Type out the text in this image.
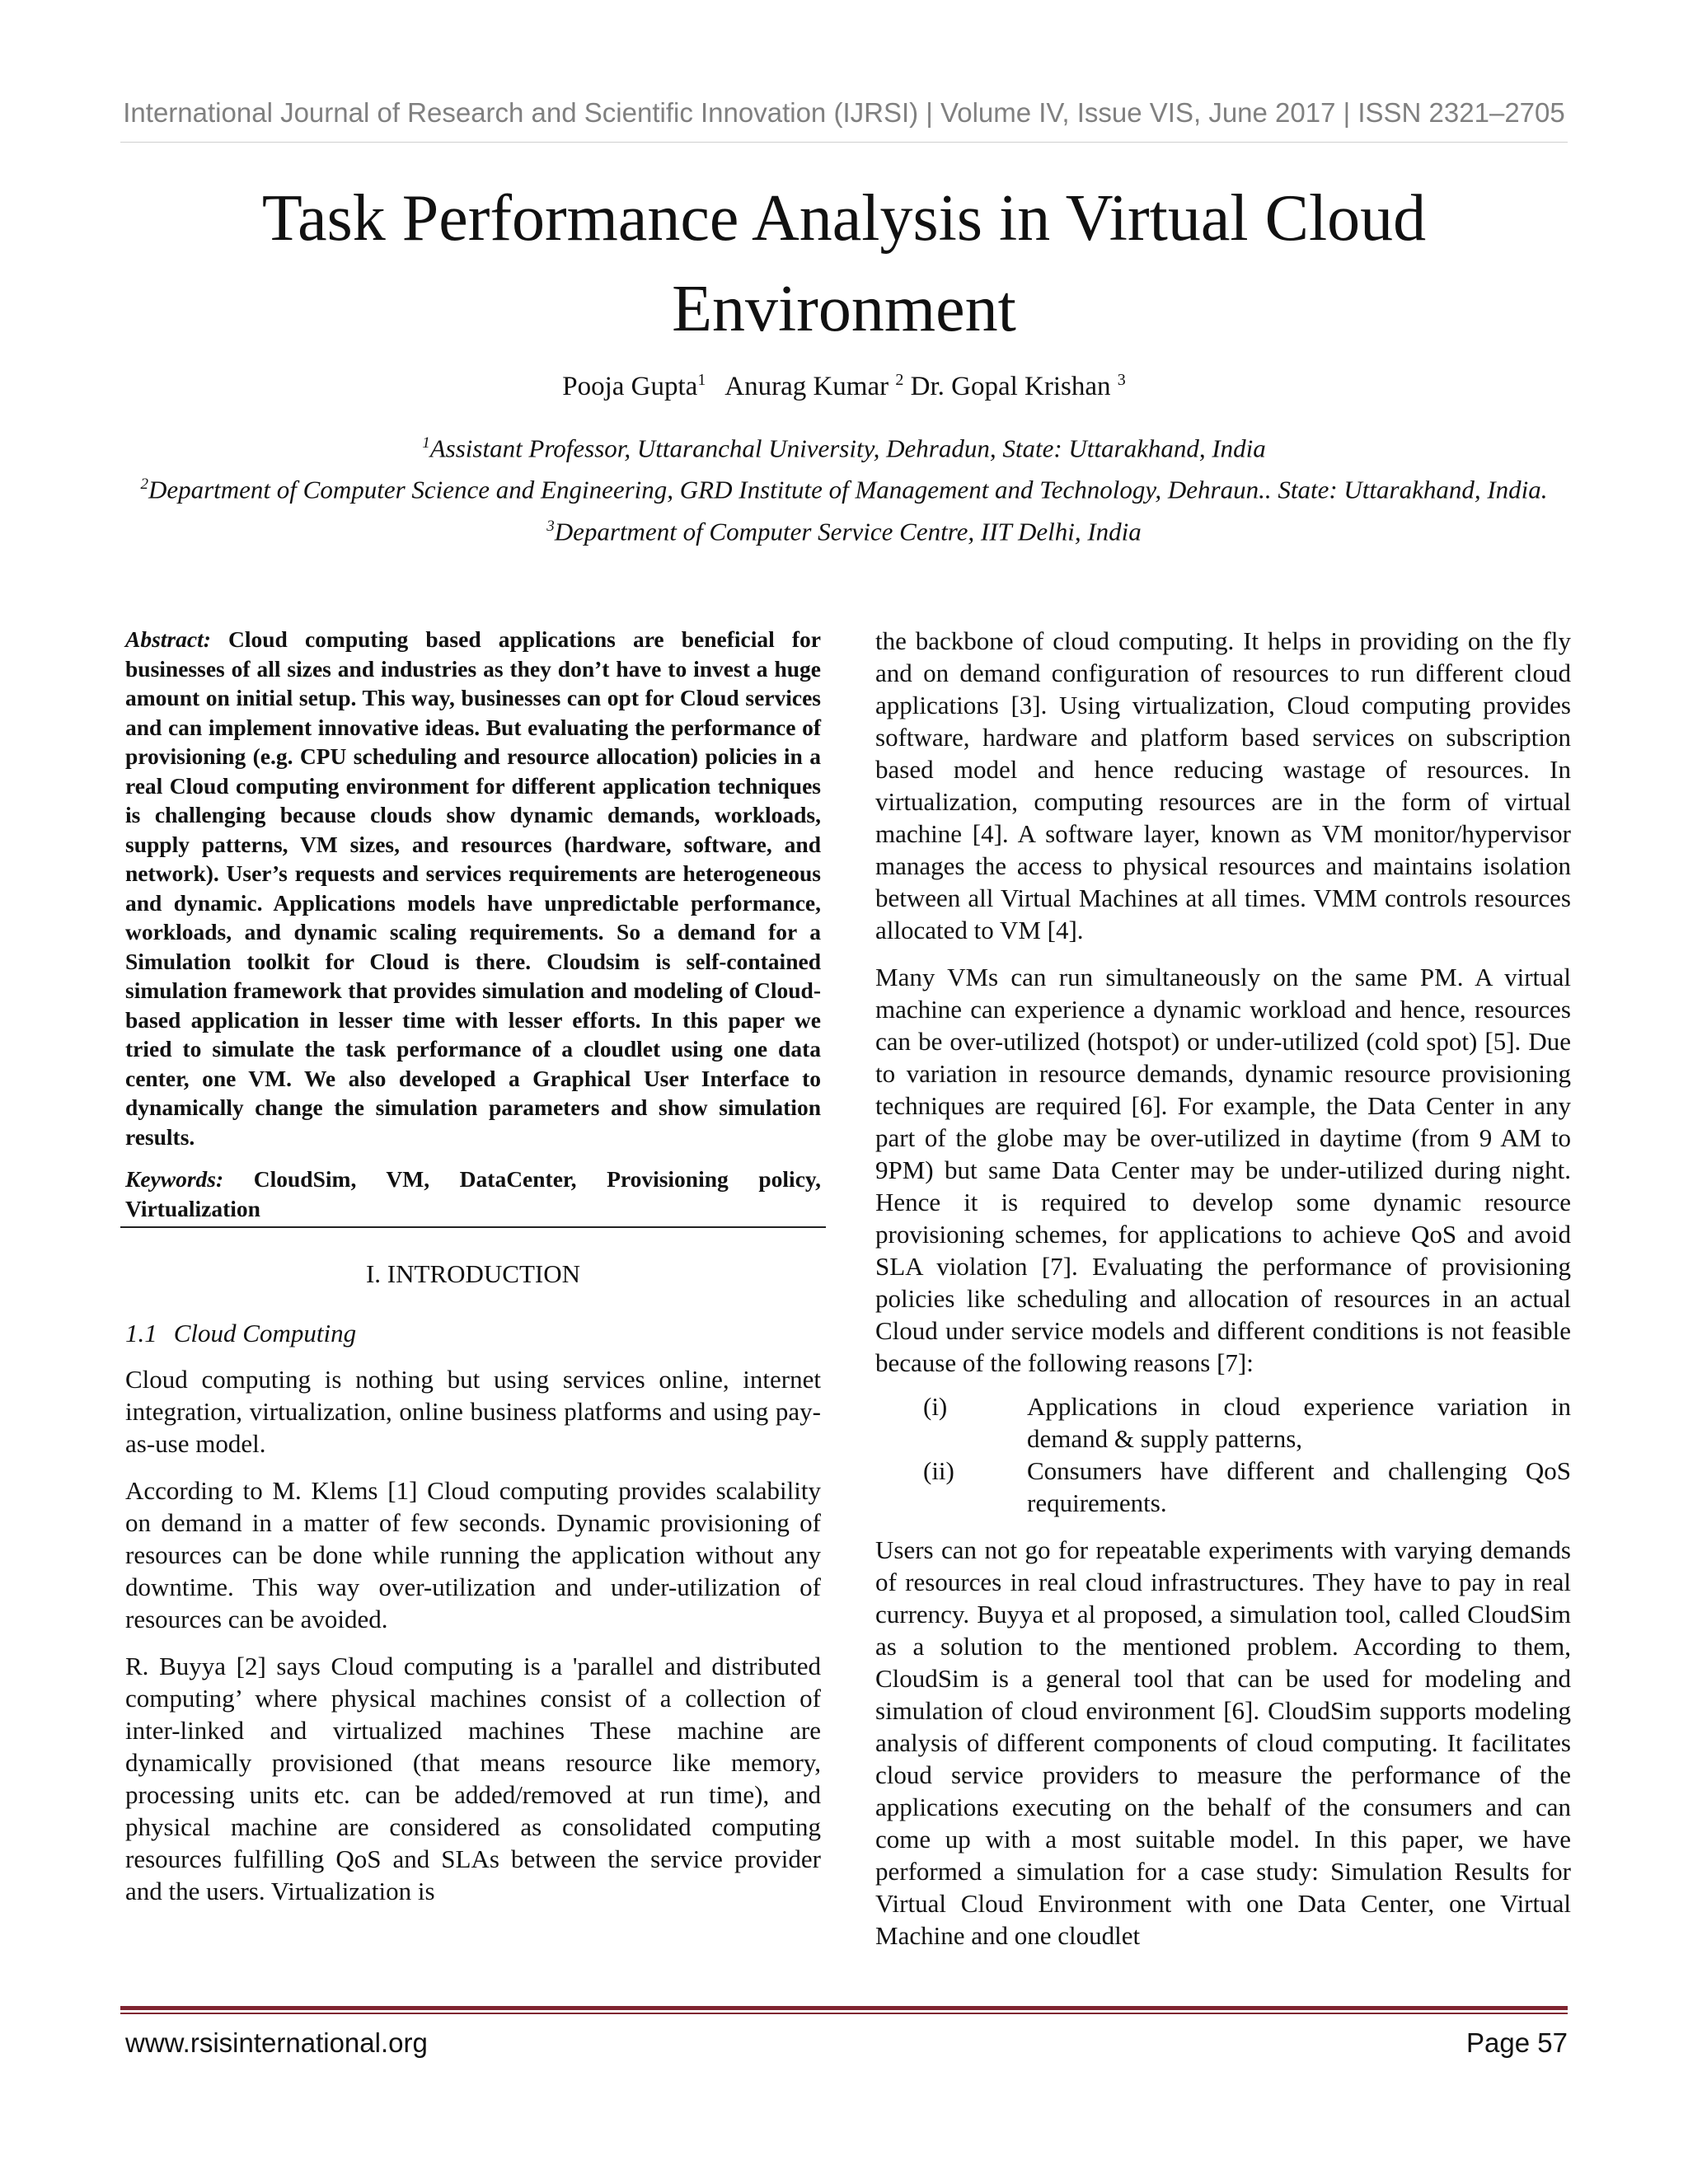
International Journal of Research and Scientific Innovation (IJRSI) | Volume IV, Issue VIS, June 2017 | ISSN 2321–2705
Task Performance Analysis in Virtual Cloud
Environment
Pooja Gupta$^1$ Anurag Kumar $^2$ Dr. Gopal Krishan $^3$
$^1$Assistant Professor, Uttaranchal University, Dehradun, State: Uttarakhand, India
$^2$Department of Computer Science and Engineering, GRD Institute of Management and Technology, Dehraun.. State: Uttarakhand, India.
$^3$Department of Computer Service Centre, IIT Delhi, India

Abstract: Cloud computing based applications are beneficial for businesses of all sizes and industries as they don’t have to invest a huge amount on initial setup. This way, businesses can opt for Cloud services and can implement innovative ideas. But evaluating the performance of provisioning (e.g. CPU scheduling and resource allocation) policies in a real Cloud computing environment for different application techniques is challenging because clouds show dynamic demands, workloads, supply patterns, VM sizes, and resources (hardware, software, and network). User’s requests and services requirements are heterogeneous and dynamic. Applications models have unpredictable performance, workloads, and dynamic scaling requirements. So a demand for a Simulation toolkit for Cloud is there. Cloudsim is self-contained simulation framework that provides simulation and modeling of Cloud-based application in lesser time with lesser efforts. In this paper we tried to simulate the task performance of a cloudlet using one data center, one VM. We also developed a Graphical User Interface to dynamically change the simulation parameters and show simulation results.

Keywords: CloudSim, VM, DataCenter, Provisioning policy, Virtualization

I. INTRODUCTION
1.1 Cloud Computing

Cloud computing is nothing but using services online, internet integration, virtualization, online business platforms and using pay-as-use model.

According to M. Klems [1] Cloud computing provides scalability on demand in a matter of few seconds. Dynamic provisioning of resources can be done while running the application without any downtime. This way over-utilization and under-utilization of resources can be avoided.

R. Buyya [2] says Cloud computing is a 'parallel and distributed computing’ where physical machines consist of a collection of inter-linked and virtualized machines These machine are dynamically provisioned (that means resource like memory, processing units etc. can be added/removed at run time), and physical machine are considered as consolidated computing resources fulfilling QoS and SLAs between the service provider and the users. Virtualization is

the backbone of cloud computing. It helps in providing on the fly and on demand configuration of resources to run different cloud applications [3]. Using virtualization, Cloud computing provides software, hardware and platform based services on subscription based model and hence reducing wastage of resources. In virtualization, computing resources are in the form of virtual machine [4]. A software layer, known as VM monitor/hypervisor manages the access to physical resources and maintains isolation between all Virtual Machines at all times. VMM controls resources allocated to VM [4].

Many VMs can run simultaneously on the same PM. A virtual machine can experience a dynamic workload and hence, resources can be over-utilized (hotspot) or under-utilized (cold spot) [5]. Due to variation in resource demands, dynamic resource provisioning techniques are required [6]. For example, the Data Center in any part of the globe may be over-utilized in daytime (from 9 AM to 9PM) but same Data Center may be under-utilized during night. Hence it is required to develop some dynamic resource provisioning schemes, for applications to achieve QoS and avoid SLA violation [7]. Evaluating the performance of provisioning policies like scheduling and allocation of resources in an actual Cloud under service models and different conditions is not feasible because of the following reasons [7]:

(i)	Applications in cloud experience variation in demand & supply patterns,
(ii)	Consumers have different and challenging QoS requirements.

Users can not go for repeatable experiments with varying demands of resources in real cloud infrastructures. They have to pay in real currency. Buyya et al proposed, a simulation tool, called CloudSim as a solution to the mentioned problem. According to them, CloudSim is a general tool that can be used for modeling and simulation of cloud environment [6]. CloudSim supports modeling analysis of different components of cloud computing. It facilitates cloud service providers to measure the performance of the applications executing on the behalf of the consumers and can come up with a most suitable model. In this paper, we have performed a simulation for a case study: Simulation Results for Virtual Cloud Environment with one Data Center, one Virtual Machine and one cloudlet

www.rsisinternational.org	Page 57
